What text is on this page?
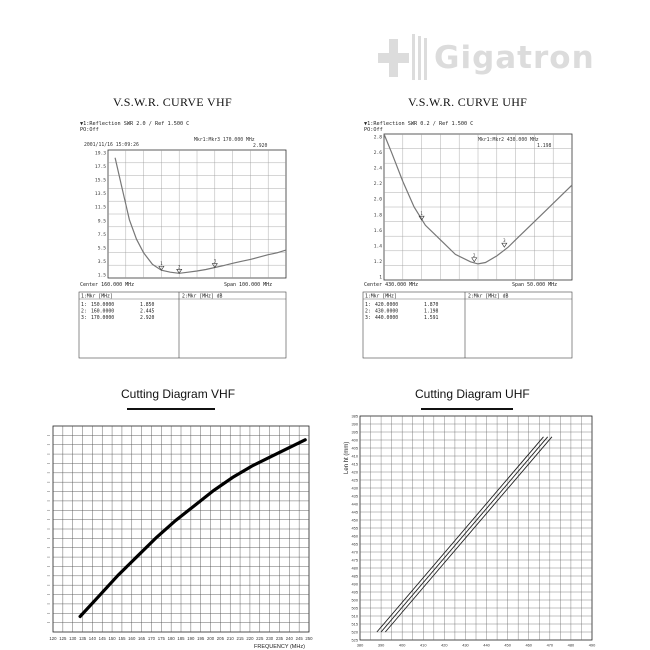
Gigatron
V.S.W.R. CURVE VHF	V.S.W.R. CURVE UHF
Cutting Diagram VHF	Cutting Diagram UHF
▼1:Reflection SWR 2.0 / Ref 1.500 C
PO:Off
2001/11/16 15:09:26
Mkr1:Mkr3 170.000 MHz
2.920
19.3
17.5
15.5
13.5
11.5
9.5
7.5
5.5
3.5
1.5
1
2
3
Center 160.000 MHz	Span 100.000 MHz
1:Mkr [MHz]	2:Mkr [MHz] dB
1: 150.0000	1.850
2: 160.0000	2.445
3: 170.0000	2.920
▼1:Reflection SWR 0.2 / Ref 1.500 C
PO:Off
Mkr1:Mkr2 430.000 MHz
1.198
2.8
2.6
2.4
2.2
2.0
1.8
1.6
1.4
1.2
1
1
2
3
Center 430.000 MHz	Span 50.000 MHz
1:Mkr [MHz]	2:Mkr [MHz] dB
1: 420.0000	1.870
2: 430.0000	1.198
3: 440.0000	1.591
120 125 130 135 140 145 150 155 160 165 170 175 180 185 190 195 200 205 210 215 220 225 230 235 240 245 250
FREQUENCY (MHz)
385
390
395
400
405
410
415
420
425
430
435
440
445
450
455
460
465
470
475
480
485
490
495
500
505
510
515
520
525
380	390	400	410	420	430	440	450	460	470	480	490
Len ht (mm)
